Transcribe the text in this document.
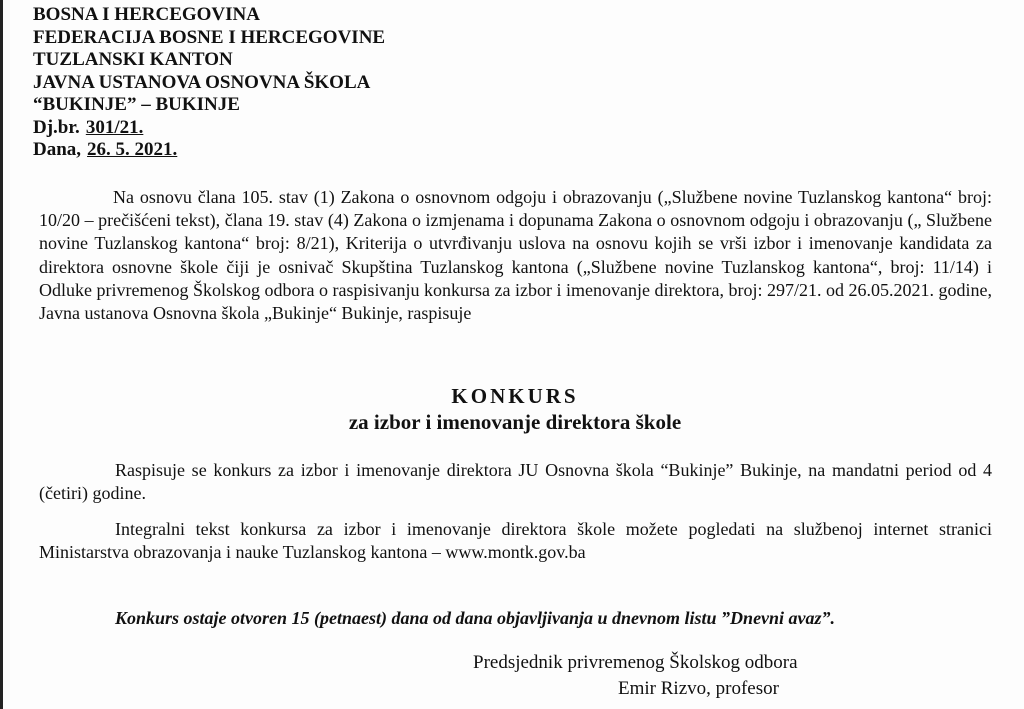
BOSNA I HERCEGOVINA
FEDERACIJA BOSNE I HERCEGOVINE
TUZLANSKI KANTON
JAVNA USTANOVA OSNOVNA ŠKOLA
“BUKINJE” – BUKINJE
Dj.br. 301/21.
Dana, 26. 5. 2021.

Na osnovu člana 105. stav (1) Zakona o osnovnom odgoju i obrazovanju („Službene novine Tuzlanskog kantona“ broj: 10/20 – prečišćeni tekst), člana 19. stav (4) Zakona o izmjenama i dopunama Zakona o osnovnom odgoju i obrazovanju („ Službene novine Tuzlanskog kantona“ broj: 8/21), Kriterija o utvrđivanju uslova na osnovu kojih se vrši izbor i imenovanje kandidata za direktora osnovne škole čiji je osnivač Skupština Tuzlanskog kantona („Službene novine Tuzlanskog kantona“, broj: 11/14) i Odluke privremenog Školskog odbora o raspisivanju konkursa za izbor i imenovanje direktora, broj: 297/21. od 26.05.2021. godine, Javna ustanova Osnovna škola „Bukinje“ Bukinje, raspisuje

KONKURS
za izbor i imenovanje direktora škole

Raspisuje se konkurs za izbor i imenovanje direktora JU Osnovna škola “Bukinje” Bukinje, na mandatni period od 4 (četiri) godine.

Integralni tekst konkursa za izbor i imenovanje direktora škole možete pogledati na službenoj internet stranici Ministarstva obrazovanja i nauke Tuzlanskog kantona – www.montk.gov.ba

Konkurs ostaje otvoren 15 (petnaest) dana od dana objavljivanja u dnevnom listu ”Dnevni avaz”.

Predsjednik privremenog Školskog odbora
Emir Rizvo, profesor
